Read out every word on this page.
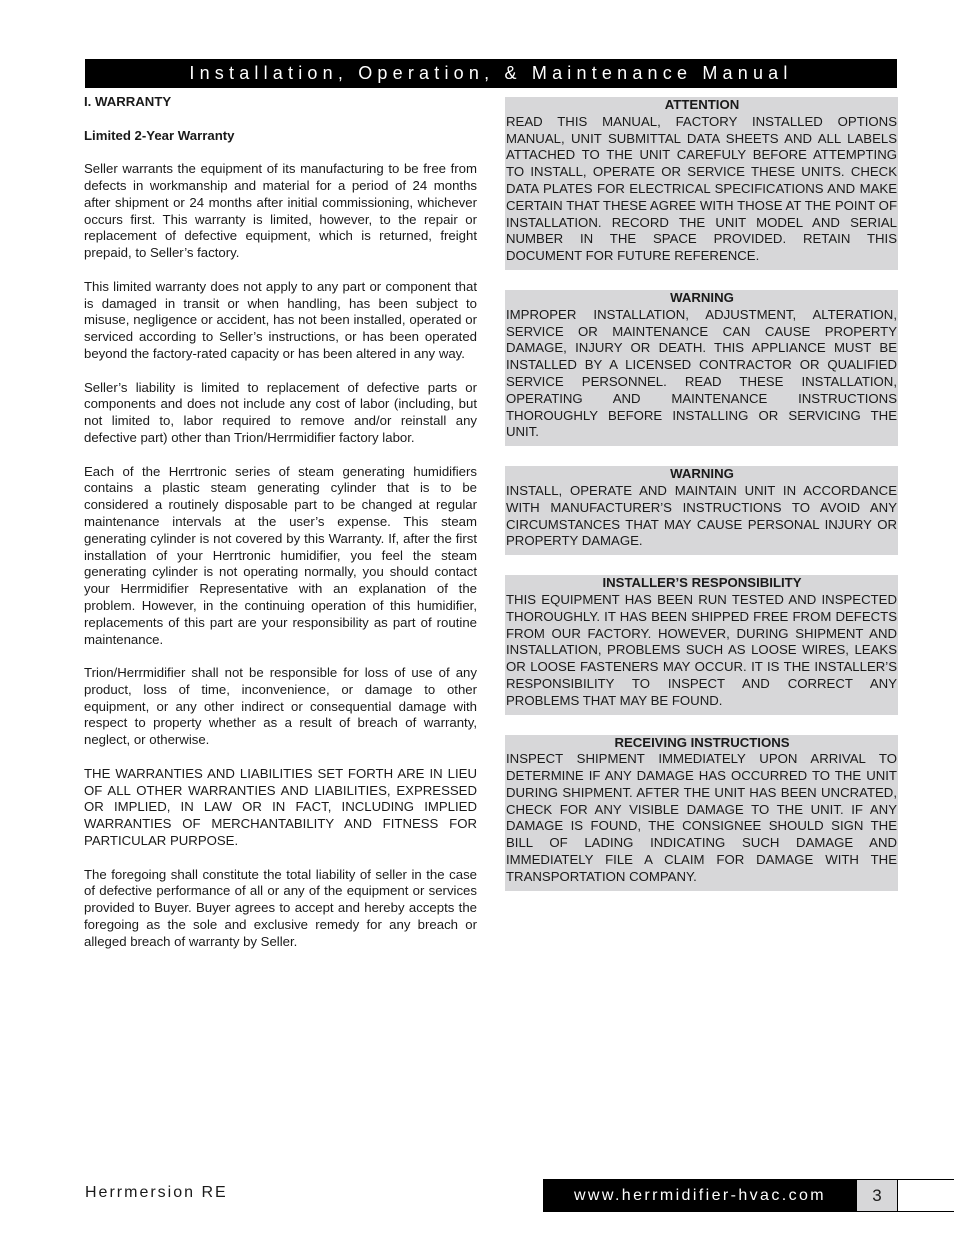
Installation, Operation, & Maintenance Manual
I. WARRANTY
Limited 2-Year Warranty

Seller warrants the equipment of its manufacturing to be free from defects in workmanship and material for a period of 24 months after shipment or 24 months after initial commissioning, whichever occurs first. This warranty is limited, however, to the repair or replacement of defective equipment, which is returned, freight prepaid, to Seller’s factory.

This limited warranty does not apply to any part or component that is damaged in transit or when handling, has been subject to misuse, negligence or accident, has not been installed, operated or serviced according to Seller’s instructions, or has been operated beyond the factory-rated capacity or has been altered in any way.

Seller’s liability is limited to replacement of defective parts or components and does not include any cost of labor (including, but not limited to, labor required to remove and/or reinstall any defective part) other than Trion/Herrmidifier factory labor.

Each of the Herrtronic series of steam generating humidifiers contains a plastic steam generating cylinder that is to be considered a routinely disposable part to be changed at regular maintenance intervals at the user’s expense. This steam generating cylinder is not covered by this Warranty. If, after the first installation of your Herrtronic humidifier, you feel the steam generating cylinder is not operating normally, you should contact your Herrmidifier Representative with an explanation of the problem. However, in the continuing operation of this humidifier, replacements of this part are your responsibility as part of routine maintenance.

Trion/Herrmidifier shall not be responsible for loss of use of any product, loss of time, inconvenience, or damage to other equipment, or any other indirect or consequential damage with respect to property whether as a result of breach of warranty, neglect, or otherwise.

THE WARRANTIES AND LIABILITIES SET FORTH ARE IN LIEU OF ALL OTHER WARRANTIES AND LIABILITIES, EXPRESSED OR IMPLIED, IN LAW OR IN FACT, INCLUDING IMPLIED WARRANTIES OF MERCHANTABILITY AND FITNESS FOR PARTICULAR PURPOSE.

The foregoing shall constitute the total liability of seller in the case of defective performance of all or any of the equipment or services provided to Buyer. Buyer agrees to accept and hereby accepts the foregoing as the sole and exclusive remedy for any breach or alleged breach of warranty by Seller.

ATTENTION
READ THIS MANUAL, FACTORY INSTALLED OPTIONS MANUAL, UNIT SUBMITTAL DATA SHEETS AND ALL LABELS ATTACHED TO THE UNIT CAREFULY BEFORE ATTEMPTING TO INSTALL, OPERATE OR SERVICE THESE UNITS. CHECK DATA PLATES FOR ELECTRICAL SPECIFICATIONS AND MAKE CERTAIN THAT THESE AGREE WITH THOSE AT THE POINT OF INSTALLATION. RECORD THE UNIT MODEL AND SERIAL NUMBER IN THE SPACE PROVIDED. RETAIN THIS DOCUMENT FOR FUTURE REFERENCE.
WARNING
IMPROPER INSTALLATION, ADJUSTMENT, ALTERATION, SERVICE OR MAINTENANCE CAN CAUSE PROPERTY DAMAGE, INJURY OR DEATH. THIS APPLIANCE MUST BE INSTALLED BY A LICENSED CONTRACTOR OR QUALIFIED SERVICE PERSONNEL. READ THESE INSTALLATION, OPERATING AND MAINTENANCE INSTRUCTIONS THOROUGHLY BEFORE INSTALLING OR SERVICING THE UNIT.
WARNING
INSTALL, OPERATE AND MAINTAIN UNIT IN ACCORDANCE WITH MANUFACTURER’S INSTRUCTIONS TO AVOID ANY CIRCUMSTANCES THAT MAY CAUSE PERSONAL INJURY OR PROPERTY DAMAGE.
INSTALLER’S RESPONSIBILITY
THIS EQUIPMENT HAS BEEN RUN TESTED AND INSPECTED THOROUGHLY. IT HAS BEEN SHIPPED FREE FROM DEFECTS FROM OUR FACTORY. HOWEVER, DURING SHIPMENT AND INSTALLATION, PROBLEMS SUCH AS LOOSE WIRES, LEAKS OR LOOSE FASTENERS MAY OCCUR. IT IS THE INSTALLER’S RESPONSIBILITY TO INSPECT AND CORRECT ANY PROBLEMS THAT MAY BE FOUND.
RECEIVING INSTRUCTIONS
INSPECT SHIPMENT IMMEDIATELY UPON ARRIVAL TO DETERMINE IF ANY DAMAGE HAS OCCURRED TO THE UNIT DURING SHIPMENT. AFTER THE UNIT HAS BEEN UNCRATED, CHECK FOR ANY VISIBLE DAMAGE TO THE UNIT. IF ANY DAMAGE IS FOUND, THE CONSIGNEE SHOULD SIGN THE BILL OF LADING INDICATING SUCH DAMAGE AND IMMEDIATELY FILE A CLAIM FOR DAMAGE WITH THE TRANSPORTATION COMPANY.
Herrmersion RE	www.herrmidifier-hvac.com	3
